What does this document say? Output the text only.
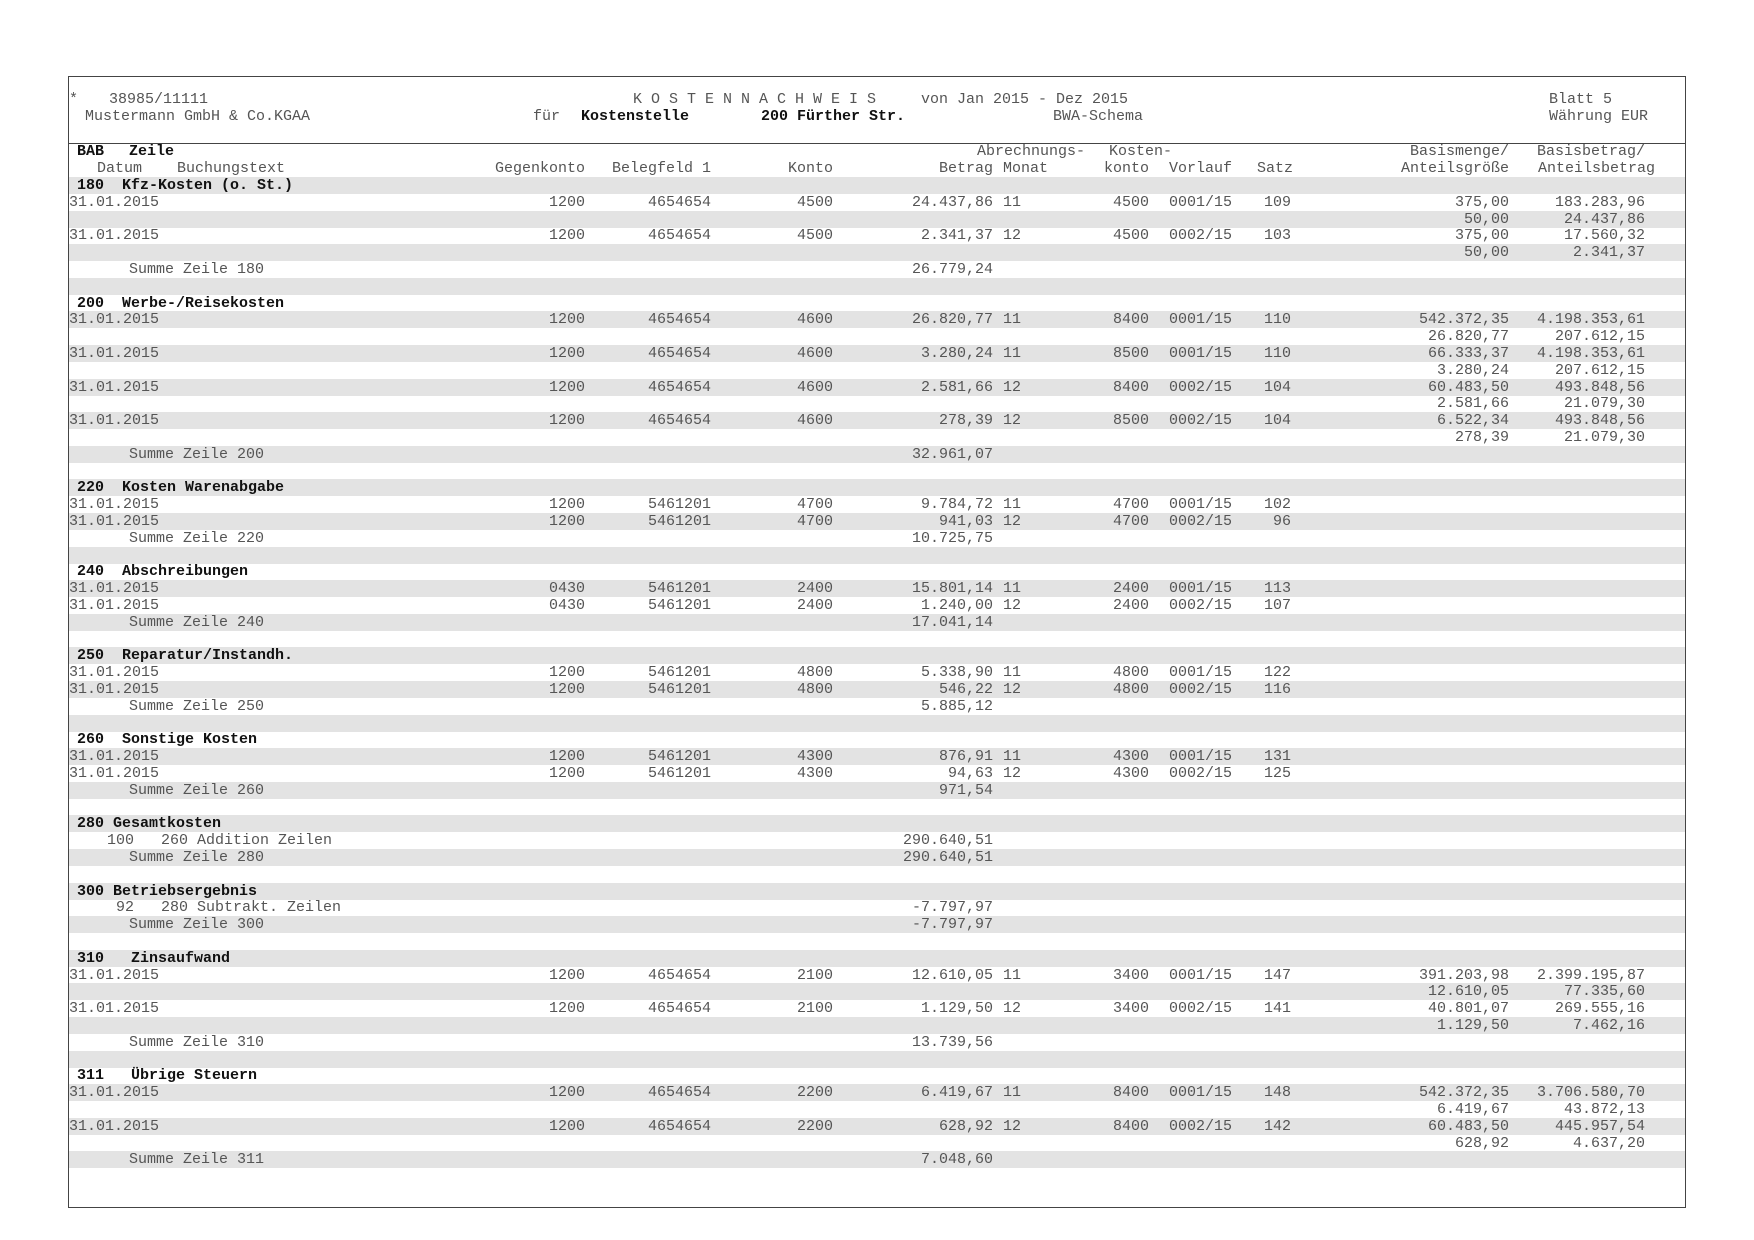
* 38985/11111
Mustermann GmbH & Co.KGAA
K O S T E N N A C H W E I S	von Jan 2015 - Dez 2015
für Kostenstelle	200 Fürther Str.	BWA-Schema
Blatt 5
Währung EUR
BAB Zeile	Abrechnungs- Kosten-	Basismenge/	Basisbetrag/
Datum Buchungstext	Gegenkonto	Belegfeld 1	Konto	Betrag Monat	konto Vorlauf Satz	Anteilsgröße	Anteilsbetrag
180  Kfz-Kosten (o. St.)
31.01.2015	1200	4654654	4500	24.437,86 11	4500 0001/15	109	375,00	183.283,96
50,00	24.437,86
31.01.2015	1200	4654654	4500	2.341,37 12	4500 0002/15	103	375,00	17.560,32
50,00	2.341,37
Summe Zeile 180	26.779,24
200  Werbe-/Reisekosten
31.01.2015	1200	4654654	4600	26.820,77 11	8400 0001/15	110	542.372,35	4.198.353,61
26.820,77	207.612,15
31.01.2015	1200	4654654	4600	3.280,24 11	8500 0001/15	110	66.333,37	4.198.353,61
3.280,24	207.612,15
31.01.2015	1200	4654654	4600	2.581,66 12	8400 0002/15	104	60.483,50	493.848,56
2.581,66	21.079,30
31.01.2015	1200	4654654	4600	278,39 12	8500 0002/15	104	6.522,34	493.848,56
278,39	21.079,30
Summe Zeile 200	32.961,07
220  Kosten Warenabgabe
31.01.2015	1200	5461201	4700	9.784,72 11	4700 0001/15	102
31.01.2015	1200	5461201	4700	941,03 12	4700 0002/15	96
Summe Zeile 220	10.725,75
240  Abschreibungen
31.01.2015	0430	5461201	2400	15.801,14 11	2400 0001/15	113
31.01.2015	0430	5461201	2400	1.240,00 12	2400 0002/15	107
Summe Zeile 240	17.041,14
250  Reparatur/Instandh.
31.01.2015	1200	5461201	4800	5.338,90 11	4800 0001/15	122
31.01.2015	1200	5461201	4800	546,22 12	4800 0002/15	116
Summe Zeile 250	5.885,12
260  Sonstige Kosten
31.01.2015	1200	5461201	4300	876,91 11	4300 0001/15	131
31.01.2015	1200	5461201	4300	94,63 12	4300 0002/15	125
Summe Zeile 260	971,54
280 Gesamtkosten
100   260 Addition Zeilen	290.640,51
Summe Zeile 280	290.640,51
300 Betriebsergebnis
92   280 Subtrakt. Zeilen	-7.797,97
Summe Zeile 300	-7.797,97
310   Zinsaufwand
31.01.2015	1200	4654654	2100	12.610,05 11	3400 0001/15	147	391.203,98	2.399.195,87
12.610,05	77.335,60
31.01.2015	1200	4654654	2100	1.129,50 12	3400 0002/15	141	40.801,07	269.555,16
1.129,50	7.462,16
Summe Zeile 310	13.739,56
311   Übrige Steuern
31.01.2015	1200	4654654	2200	6.419,67 11	8400 0001/15	148	542.372,35	3.706.580,70
6.419,67	43.872,13
31.01.2015	1200	4654654	2200	628,92 12	8400 0002/15	142	60.483,50	445.957,54
628,92	4.637,20
Summe Zeile 311	7.048,60
